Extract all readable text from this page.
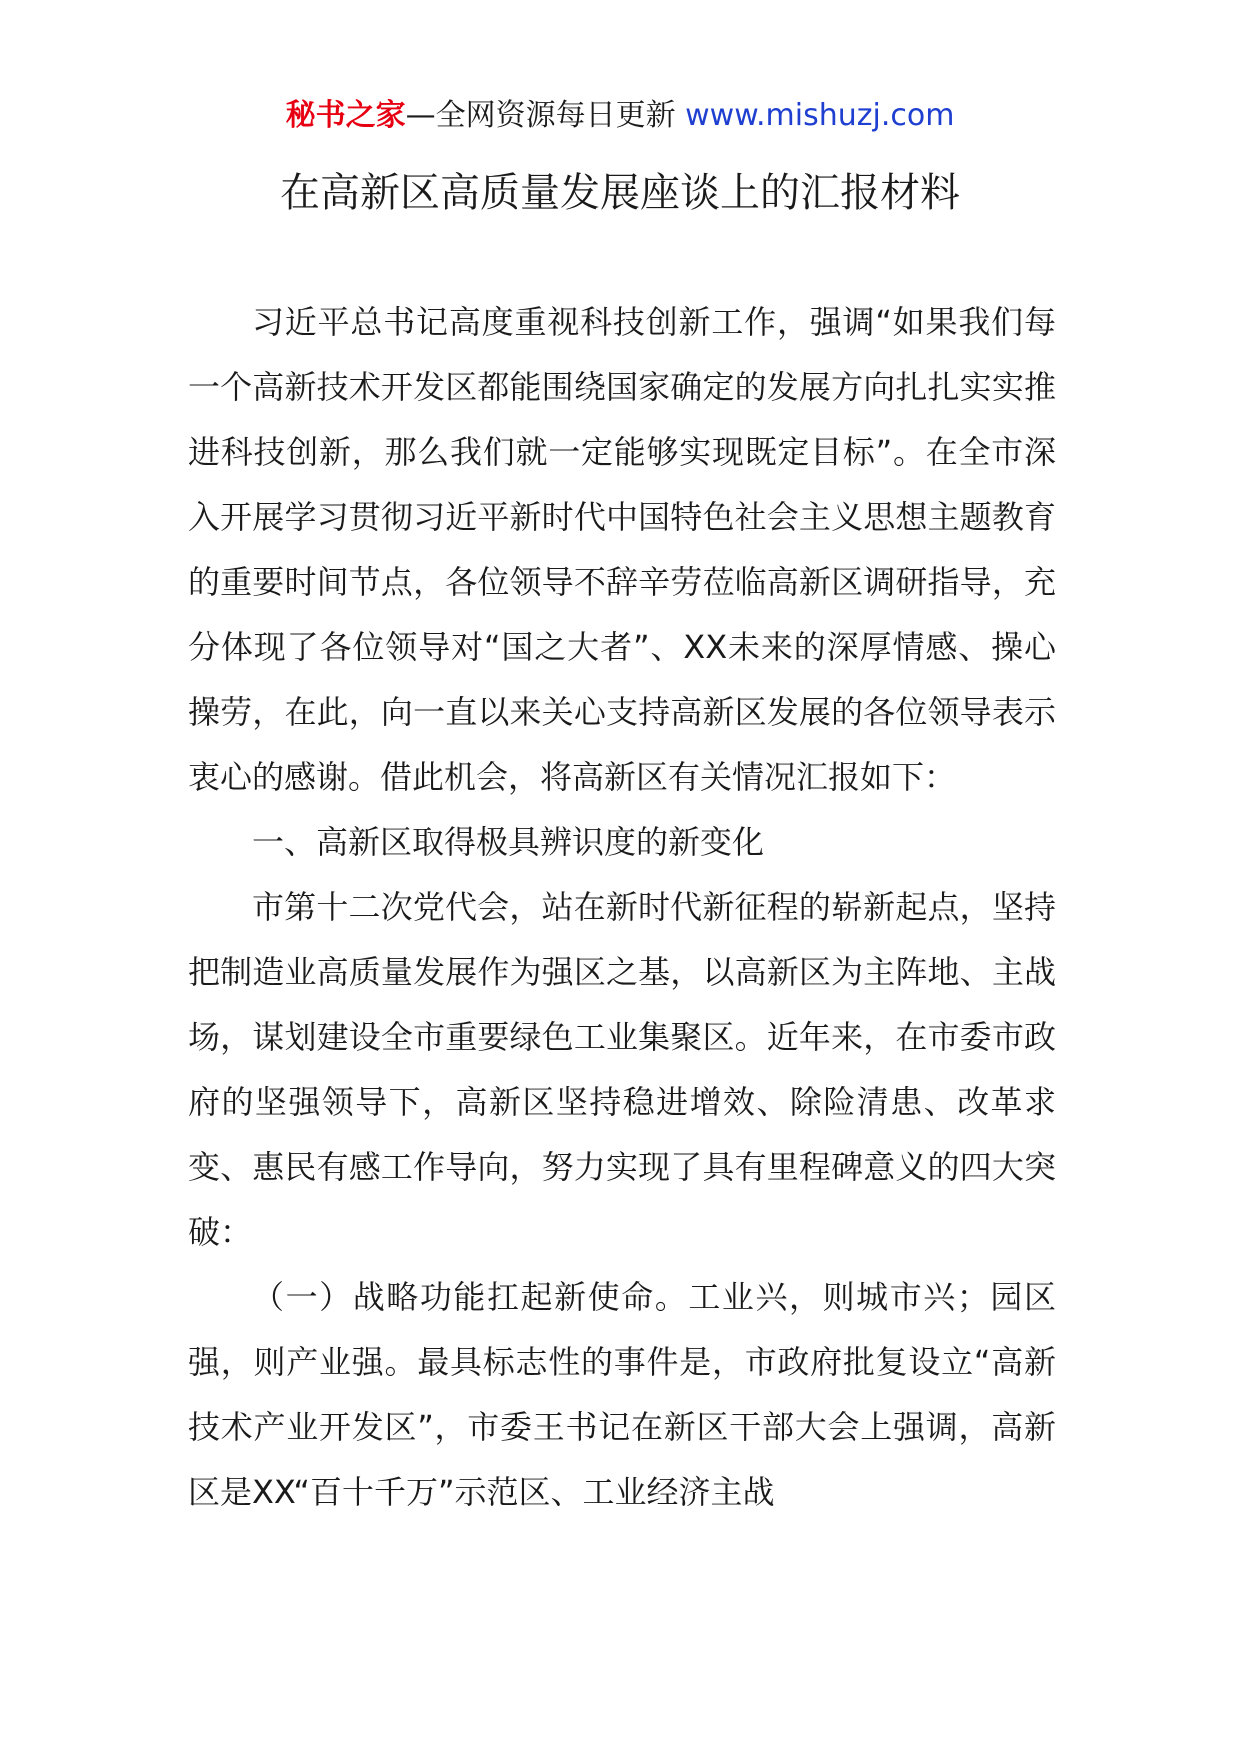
秘书之家—全网资源每日更新 www.mishuzj.com
在高新区高质量发展座谈上的汇报材料

习近平总书记高度重视科技创新工作，强调“如果我们每一个高新技术开发区都能围绕国家确定的发展方向扎扎实实推进科技创新，那么我们就一定能够实现既定目标”。在全市深入开展学习贯彻习近平新时代中国特色社会主义思想主题教育的重要时间节点，各位领导不辞辛劳莅临高新区调研指导，充分体现了各位领导对“国之大者”、XX未来的深厚情感、操心操劳，在此，向一直以来关心支持高新区发展的各位领导表示衷心的感谢。借此机会，将高新区有关情况汇报如下：

一、高新区取得极具辨识度的新变化

市第十二次党代会，站在新时代新征程的崭新起点，坚持把制造业高质量发展作为强区之基，以高新区为主阵地、主战场，谋划建设全市重要绿色工业集聚区。近年来，在市委市政府的坚强领导下，高新区坚持稳进增效、除险清患、改革求变、惠民有感工作导向，努力实现了具有里程碑意义的四大突破：

（一）战略功能扛起新使命。工业兴，则城市兴；园区强，则产业强。最具标志性的事件是，市政府批复设立“高新技术产业开发区”，市委王书记在新区干部大会上强调，高新区是XX“百十千万”示范区、工业经济主战
